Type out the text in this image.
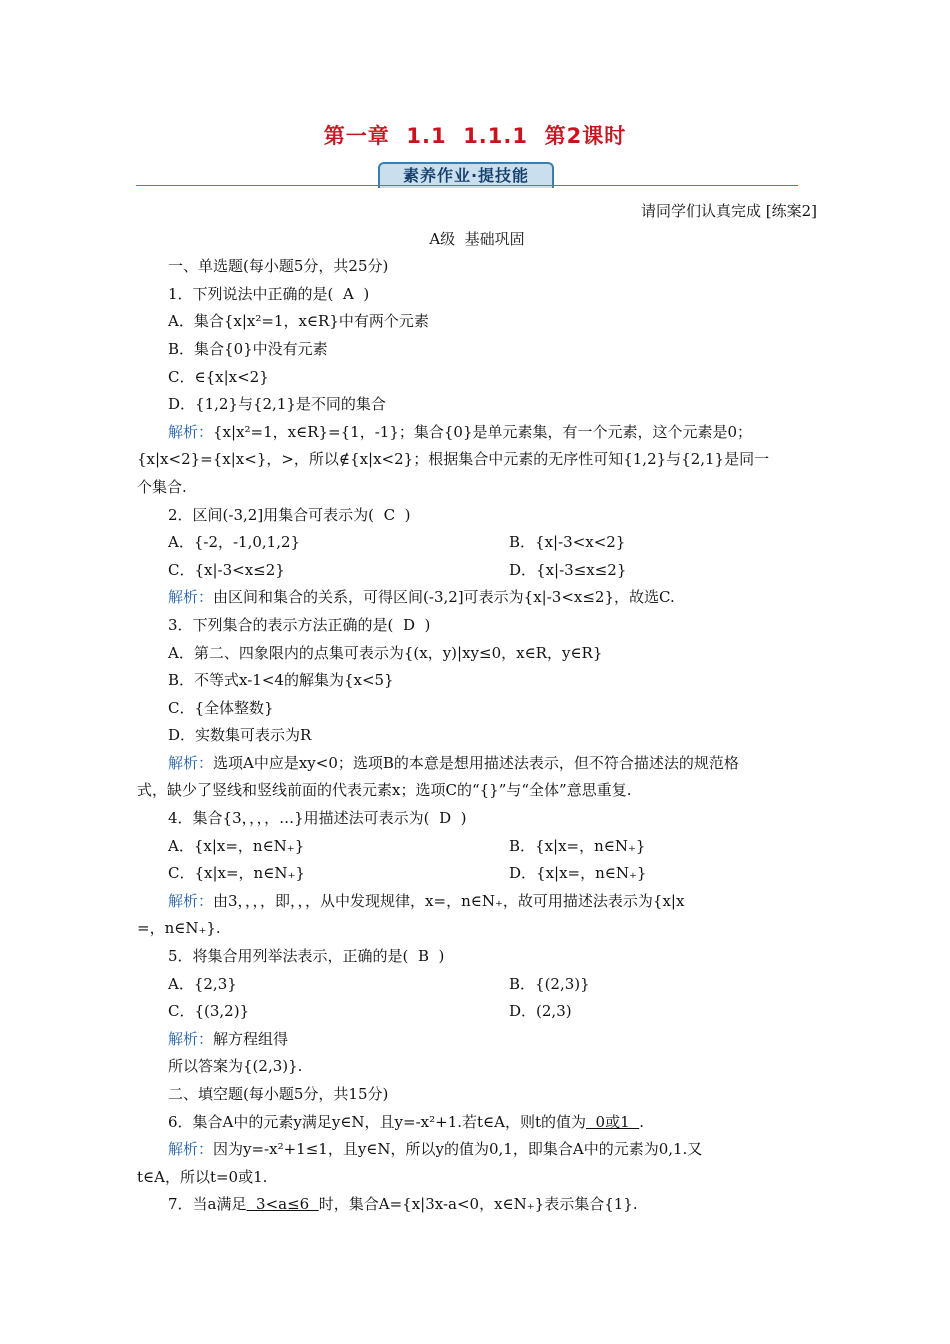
第一章  1.1  1.1.1  第2课时
素养作业·提技能
请同学们认真完成 [练案2]
A级  基础巩固
一、单选题(每小题5分，共25分)
1．下列说法中正确的是(  A  )
A．集合{x|x²=1，x∈R}中有两个元素
B．集合{0}中没有元素
C．∈{x|x<2}
D．{1,2}与{2,1}是不同的集合
解析：{x|x²=1，x∈R}={1，-1}；集合{0}是单元素集，有一个元素，这个元素是0；
{x|x<2}={x|x<}，>，所以∉{x|x<2}；根据集合中元素的无序性可知{1,2}与{2,1}是同一
个集合.
2．区间(-3,2]用集合可表示为(  C  )
A．{-2，-1,0,1,2}	B．{x|-3<x<2}
C．{x|-3<x≤2}	D．{x|-3≤x≤2}
解析：由区间和集合的关系，可得区间(-3,2]可表示为{x|-3<x≤2}，故选C.
3．下列集合的表示方法正确的是(  D  )
A．第二、四象限内的点集可表示为{(x，y)|xy≤0，x∈R，y∈R}
B．不等式x-1<4的解集为{x<5}
C．{全体整数}
D．实数集可表示为R
解析：选项A中应是xy<0；选项B的本意是想用描述法表示，但不符合描述法的规范格
式，缺少了竖线和竖线前面的代表元素x；选项C的“{}”与“全体”意思重复.
4．集合{3，，，，…}用描述法可表示为(  D  )
A．{x|x=，n∈N₊}	B．{x|x=，n∈N₊}
C．{x|x=，n∈N₊}	D．{x|x=，n∈N₊}
解析：由3，，，，即，，，从中发现规律，x=，n∈N₊，故可用描述法表示为{x|x
=，n∈N₊}.
5．将集合用列举法表示，正确的是(  B  )
A．{2,3}	B．{(2,3)}
C．{(3,2)}	D．(2,3)
解析：解方程组得
所以答案为{(2,3)}.
二、填空题(每小题5分，共15分)
6．集合A中的元素y满足y∈N，且y=-x²+1.若t∈A，则t的值为  0或1  .
解析：因为y=-x²+1≤1，且y∈N，所以y的值为0,1，即集合A中的元素为0,1.又
t∈A，所以t=0或1.
7．当a满足  3<a≤6  时，集合A={x|3x-a<0，x∈N₊}表示集合{1}.
